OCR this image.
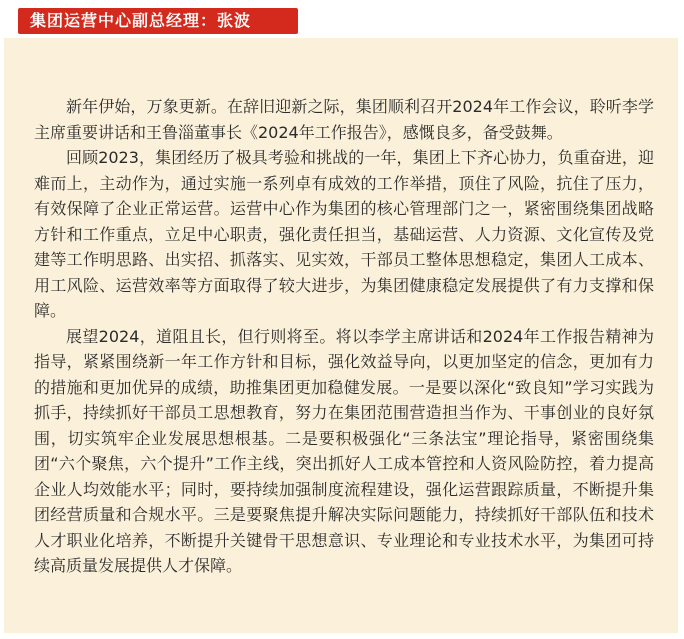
集团运营中心副总经理：张波

新年伊始，万象更新。在辞旧迎新之际，集团顺利召开2024年工作会议，聆听李学主席重要讲话和王鲁淄董事长《2024年工作报告》，感慨良多，备受鼓舞。

回顾2023，集团经历了极具考验和挑战的一年，集团上下齐心协力，负重奋进，迎难而上，主动作为，通过实施一系列卓有成效的工作举措，顶住了风险，抗住了压力，有效保障了企业正常运营。运营中心作为集团的核心管理部门之一，紧密围绕集团战略方针和工作重点，立足中心职责，强化责任担当，基础运营、人力资源、文化宣传及党建等工作明思路、出实招、抓落实、见实效，干部员工整体思想稳定，集团人工成本、用工风险、运营效率等方面取得了较大进步，为集团健康稳定发展提供了有力支撑和保障。

展望2024，道阻且长，但行则将至。将以李学主席讲话和2024年工作报告精神为指导，紧紧围绕新一年工作方针和目标，强化效益导向，以更加坚定的信念，更加有力的措施和更加优异的成绩，助推集团更加稳健发展。一是要以深化“致良知”学习实践为抓手，持续抓好干部员工思想教育，努力在集团范围营造担当作为、干事创业的良好氛围，切实筑牢企业发展思想根基。二是要积极强化“三条法宝”理论指导，紧密围绕集团“六个聚焦，六个提升”工作主线，突出抓好人工成本管控和人资风险防控，着力提高企业人均效能水平；同时，要持续加强制度流程建设，强化运营跟踪质量，不断提升集团经营质量和合规水平。三是要聚焦提升解决实际问题能力，持续抓好干部队伍和技术人才职业化培养，不断提升关键骨干思想意识、专业理论和专业技术水平，为集团可持续高质量发展提供人才保障。
